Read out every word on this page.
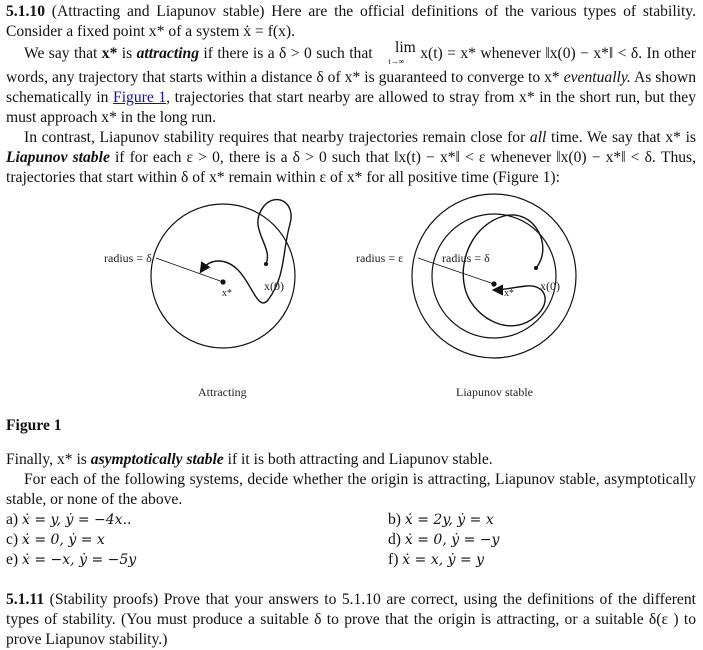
5.1.10 (Attracting and Liapunov stable) Here are the official definitions of the various types of stability. Consider a fixed point x* of a system ẋ = f(x).

We say that x* is attracting if there is a δ > 0 such that lim
t→∞ x(t) = x* whenever ‖x(0) − x*‖ < δ. In other words, any trajectory that starts within a distance δ of x* is guaranteed to converge to x* eventually. As shown schematically in Figure 1, trajectories that start nearby are allowed to stray from x* in the short run, but they must approach x* in the long run.

In contrast, Liapunov stability requires that nearby trajectories remain close for all time. We say that x* is Liapunov stable if for each ε > 0, there is a δ > 0 such that ‖x(t) − x*‖ < ε whenever ‖x(0) − x*‖ < δ. Thus, trajectories that start within δ of x* remain within ε of x* for all positive time (Figure 1):

radius = δ
x(0)
x*
Attracting
radius = ε	radius = δ
x(0)
x*
Liapunov stable

Figure 1

Finally, x* is asymptotically stable if it is both attracting and Liapunov stable.

For each of the following systems, decide whether the origin is attracting, Liapunov stable, asymptotically stable, or none of the above.

a) ẋ = y, ẏ = −4x..	b) ẋ = 2y, ẏ = x
c) ẋ = 0, ẏ = x	d) ẋ = 0, ẏ = −y
e) ẋ = −x, ẏ = −5y	f) ẋ = x, ẏ = y

5.1.11 (Stability proofs) Prove that your answers to 5.1.10 are correct, using the definitions of the different types of stability. (You must produce a suitable δ to prove that the origin is attracting, or a suitable δ(ε ) to prove Liapunov stability.)
